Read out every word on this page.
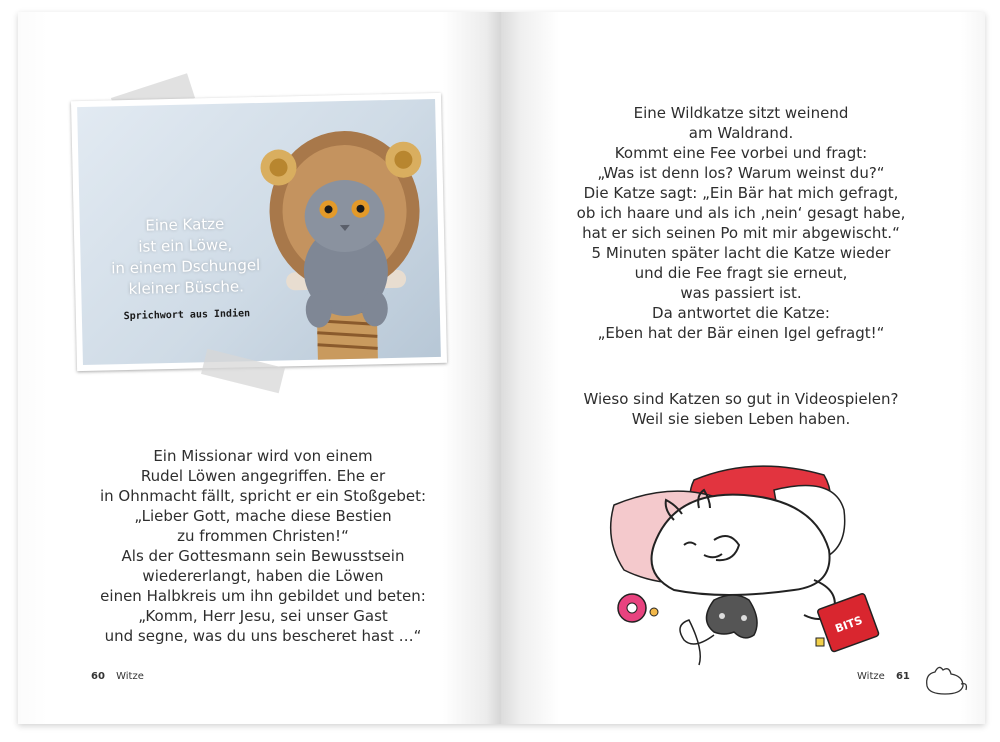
Eine Katze
ist ein Löwe,
in einem Dschungel
kleiner Büsche.
Sprichwort aus Indien
Ein Missionar wird von einem
Rudel Löwen angegriffen. Ehe er
in Ohnmacht fällt, spricht er ein Stoßgebet:
„Lieber Gott, mache diese Bestien
zu frommen Christen!“
Als der Gottesmann sein Bewusstsein
wiedererlangt, haben die Löwen
einen Halbkreis um ihn gebildet und beten:
„Komm, Herr Jesu, sei unser Gast
und segne, was du uns bescheret hast …“
60 Witze
Eine Wildkatze sitzt weinend
am Waldrand.
Kommt eine Fee vorbei und fragt:
„Was ist denn los? Warum weinst du?“
Die Katze sagt: „Ein Bär hat mich gefragt,
ob ich haare und als ich ‚nein‘ gesagt habe,
hat er sich seinen Po mit mir abgewischt.“
5 Minuten später lacht die Katze wieder
und die Fee fragt sie erneut,
was passiert ist.
Da antwortet die Katze:
„Eben hat der Bär einen Igel gefragt!“
Wieso sind Katzen so gut in Videospielen?
Weil sie sieben Leben haben.
BITS
Witze 61
